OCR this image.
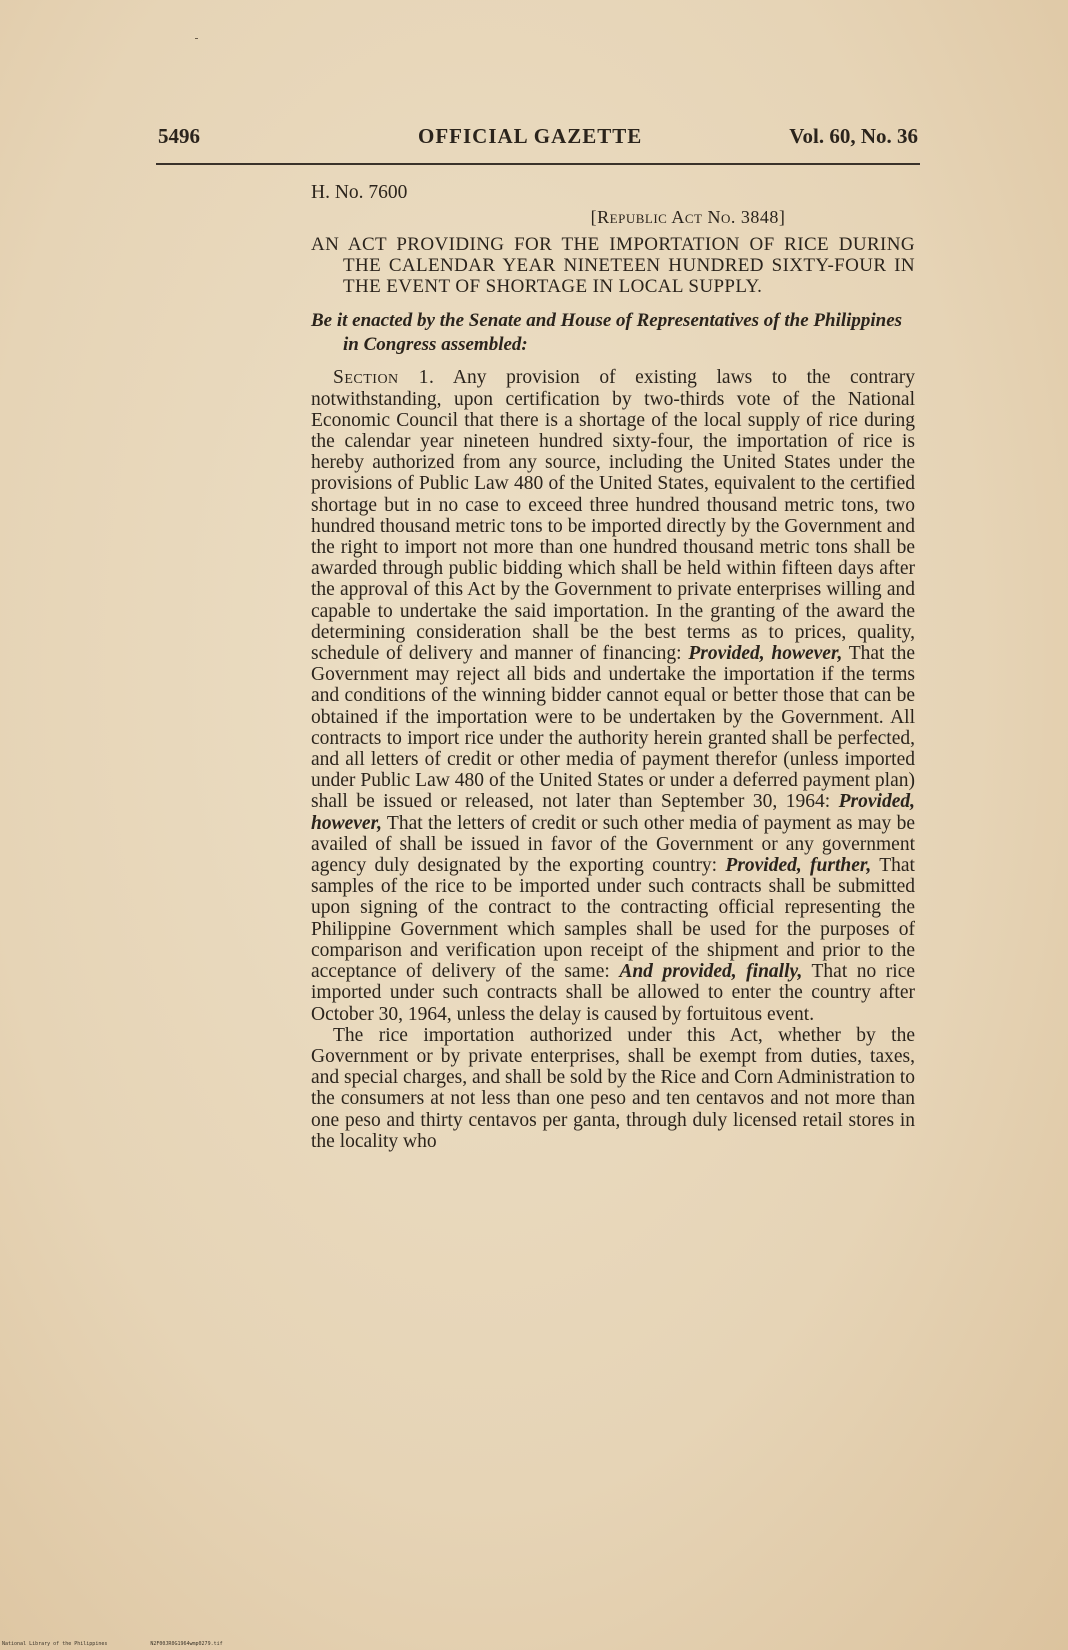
5496	OFFICIAL GAZETTE	Vol. 60, No. 36

H. No. 7600

[Republic Act No. 3848]

AN ACT PROVIDING FOR THE IMPORTATION OF RICE DURING THE CALENDAR YEAR NINETEEN HUNDRED SIXTY-FOUR IN THE EVENT OF SHORTAGE IN LOCAL SUPPLY.

Be it enacted by the Senate and House of Representatives of the Philippines in Congress assembled:

Section 1. Any provision of existing laws to the contrary notwithstanding, upon certification by two-thirds vote of the National Economic Council that there is a shortage of the local supply of rice during the calendar year nineteen hundred sixty-four, the importation of rice is hereby authorized from any source, including the United States under the provisions of Public Law 480 of the United States, equivalent to the certified shortage but in no case to exceed three hundred thousand metric tons, two hundred thousand metric tons to be imported directly by the Government and the right to import not more than one hundred thousand metric tons shall be awarded through public bidding which shall be held within fifteen days after the approval of this Act by the Government to private enterprises willing and capable to undertake the said importation. In the granting of the award the determining consideration shall be the best terms as to prices, quality, schedule of delivery and manner of financing: Provided, however, That the Government may reject all bids and undertake the importation if the terms and conditions of the winning bidder cannot equal or better those that can be obtained if the importation were to be undertaken by the Government. All contracts to import rice under the authority herein granted shall be perfected, and all letters of credit or other media of payment therefor (unless imported under Public Law 480 of the United States or under a deferred payment plan) shall be issued or released, not later than September 30, 1964: Provided, however, That the letters of credit or such other media of payment as may be availed of shall be issued in favor of the Government or any government agency duly designated by the exporting country: Provided, further, That samples of the rice to be imported under such contracts shall be submitted upon signing of the contract to the contracting official representing the Philippine Government which samples shall be used for the purposes of comparison and verification upon receipt of the shipment and prior to the acceptance of delivery of the same: And provided, finally, That no rice imported under such contracts shall be allowed to enter the country after October 30, 1964, unless the delay is caused by fortuitous event.

The rice importation authorized under this Act, whether by the Government or by private enterprises, shall be exempt from duties, taxes, and special charges, and shall be sold by the Rice and Corn Administration to the consumers at not less than one peso and ten centavos and not more than one peso and thirty centavos per ganta, through duly licensed retail stores in the locality who

National Library of the Philippines	N2F00JR0G1964wmp0279.tif
